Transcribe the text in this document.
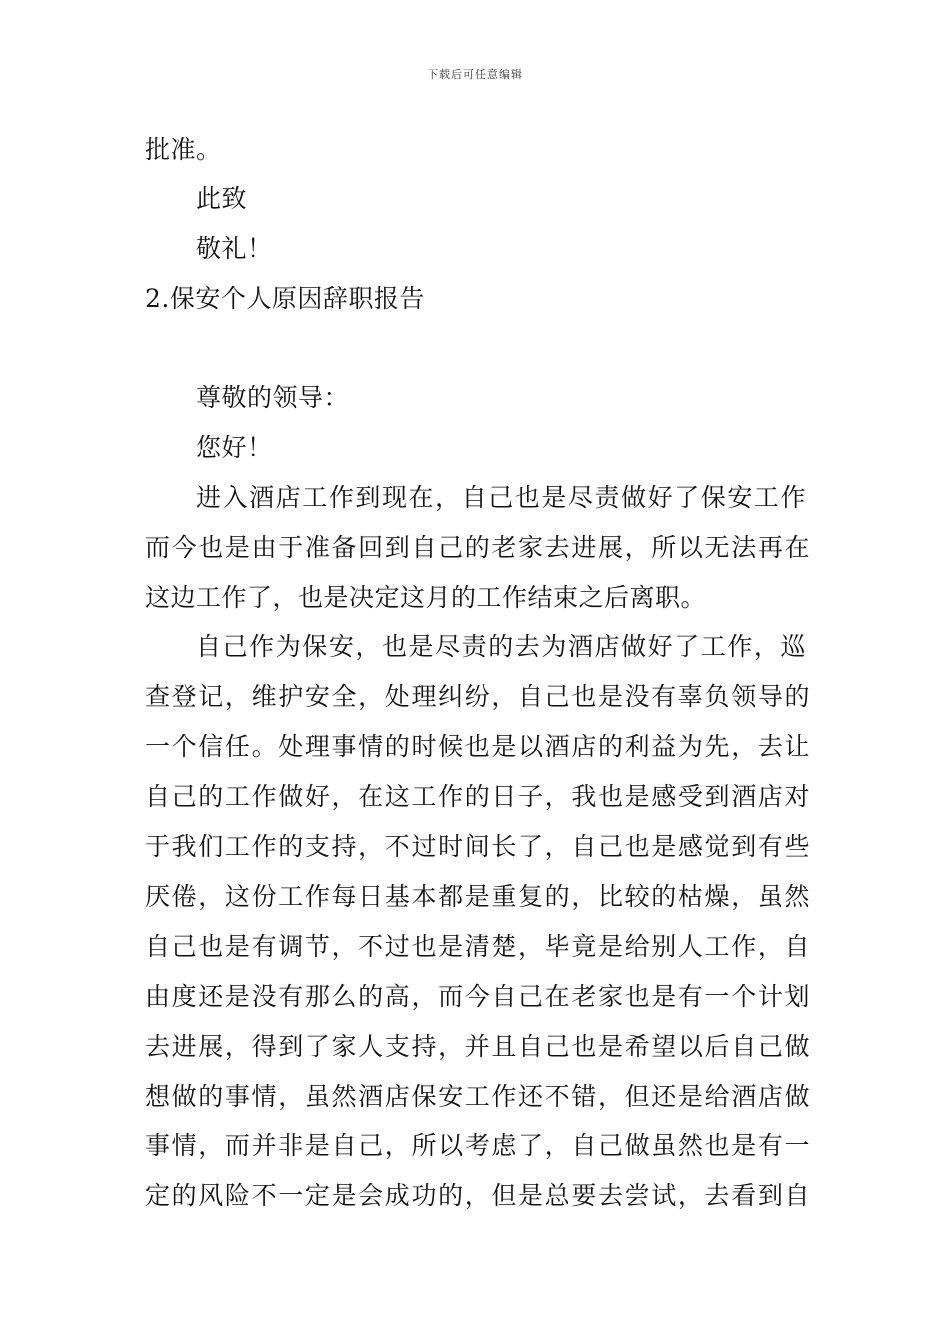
下载后可任意编辑
批准。
此致
敬礼！
2.保安个人原因辞职报告
尊敬的领导：
您好！
进入酒店工作到现在，自己也是尽责做好了保安工作
而今也是由于准备回到自己的老家去进展，所以无法再在
这边工作了，也是决定这月的工作结束之后离职。
自己作为保安，也是尽责的去为酒店做好了工作，巡
查登记，维护安全，处理纠纷，自己也是没有辜负领导的
一个信任。处理事情的时候也是以酒店的利益为先，去让
自己的工作做好，在这工作的日子，我也是感受到酒店对
于我们工作的支持，不过时间长了，自己也是感觉到有些
厌倦，这份工作每日基本都是重复的，比较的枯燥，虽然
自己也是有调节，不过也是清楚，毕竟是给别人工作，自
由度还是没有那么的高，而今自己在老家也是有一个计划
去进展，得到了家人支持，并且自己也是希望以后自己做
想做的事情，虽然酒店保安工作还不错，但还是给酒店做
事情，而并非是自己，所以考虑了，自己做虽然也是有一
定的风险不一定是会成功的，但是总要去尝试，去看到自
